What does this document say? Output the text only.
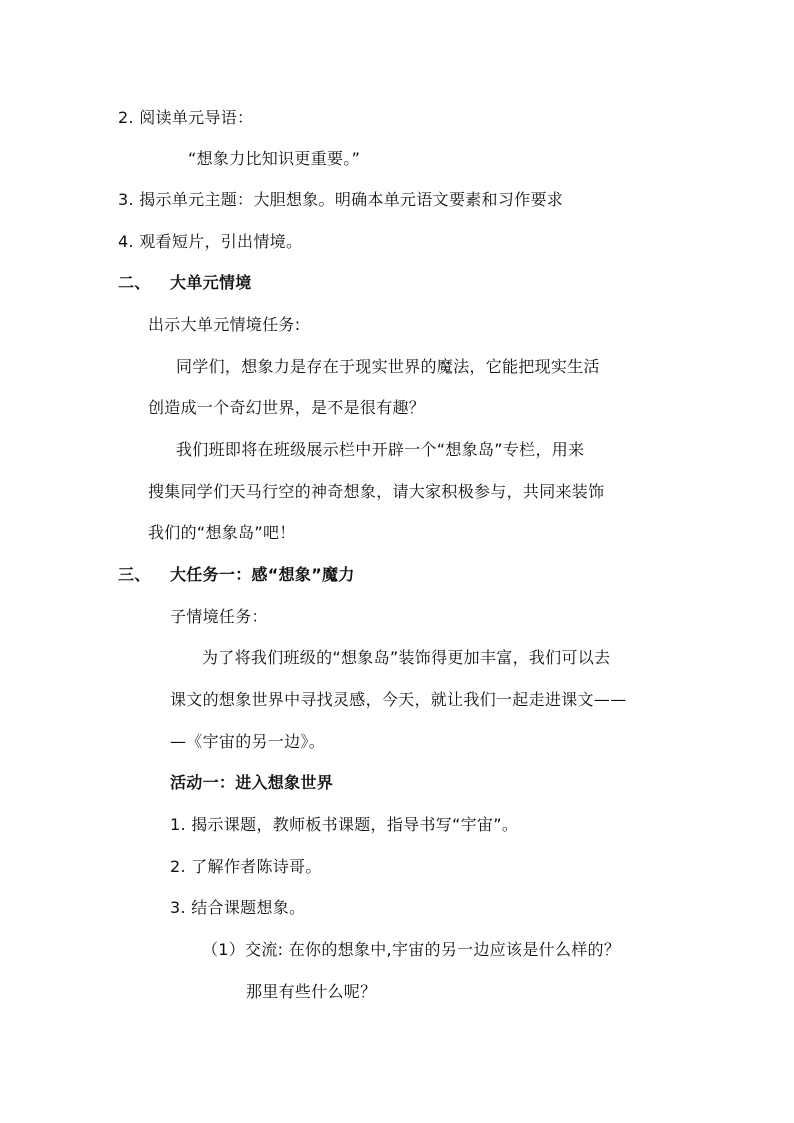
2. 阅读单元导语：
“想象力比知识更重要。”
3. 揭示单元主题：大胆想象。明确本单元语文要素和习作要求
4. 观看短片，引出情境。
二、 大单元情境
出示大单元情境任务:
同学们，想象力是存在于现实世界的魔法，它能把现实生活
创造成一个奇幻世界，是不是很有趣？
我们班即将在班级展示栏中开辟一个“想象岛”专栏，用来
搜集同学们天马行空的神奇想象，请大家积极参与，共同来装饰
我们的“想象岛”吧！
三、 大任务一：感“想象”魔力
子情境任务：
为了将我们班级的“想象岛”装饰得更加丰富，我们可以去
课文的想象世界中寻找灵感，今天，就让我们一起走进课文——
—《宇宙的另一边》。
活动一：进入想象世界
1. 揭示课题，教师板书课题，指导书写“宇宙”。
2. 了解作者陈诗哥。
3. 结合课题想象。
（1）交流: 在你的想象中,宇宙的另一边应该是什么样的？
那里有些什么呢？
